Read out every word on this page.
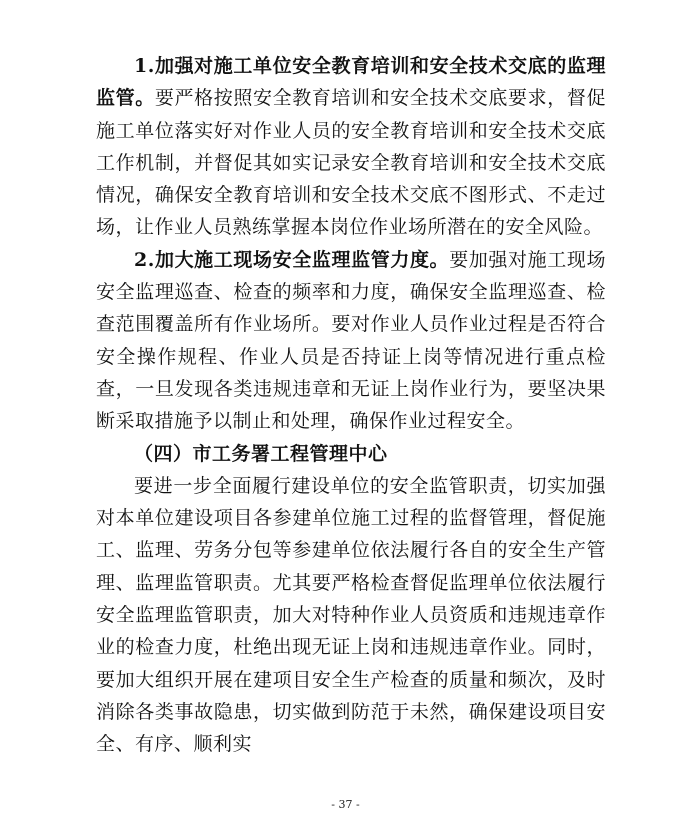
1.加强对施工单位安全教育培训和安全技术交底的监理监管。要严格按照安全教育培训和安全技术交底要求，督促施工单位落实好对作业人员的安全教育培训和安全技术交底工作机制，并督促其如实记录安全教育培训和安全技术交底情况，确保安全教育培训和安全技术交底不图形式、不走过场，让作业人员熟练掌握本岗位作业场所潜在的安全风险。

2.加大施工现场安全监理监管力度。要加强对施工现场安全监理巡查、检查的频率和力度，确保安全监理巡查、检查范围覆盖所有作业场所。要对作业人员作业过程是否符合安全操作规程、作业人员是否持证上岗等情况进行重点检查，一旦发现各类违规违章和无证上岗作业行为，要坚决果断采取措施予以制止和处理，确保作业过程安全。

（四）市工务署工程管理中心

要进一步全面履行建设单位的安全监管职责，切实加强对本单位建设项目各参建单位施工过程的监督管理，督促施工、监理、劳务分包等参建单位依法履行各自的安全生产管理、监理监管职责。尤其要严格检查督促监理单位依法履行安全监理监管职责，加大对特种作业人员资质和违规违章作业的检查力度，杜绝出现无证上岗和违规违章作业。同时，要加大组织开展在建项目安全生产检查的质量和频次，及时消除各类事故隐患，切实做到防范于未然，确保建设项目安全、有序、顺利实

- 37 -
